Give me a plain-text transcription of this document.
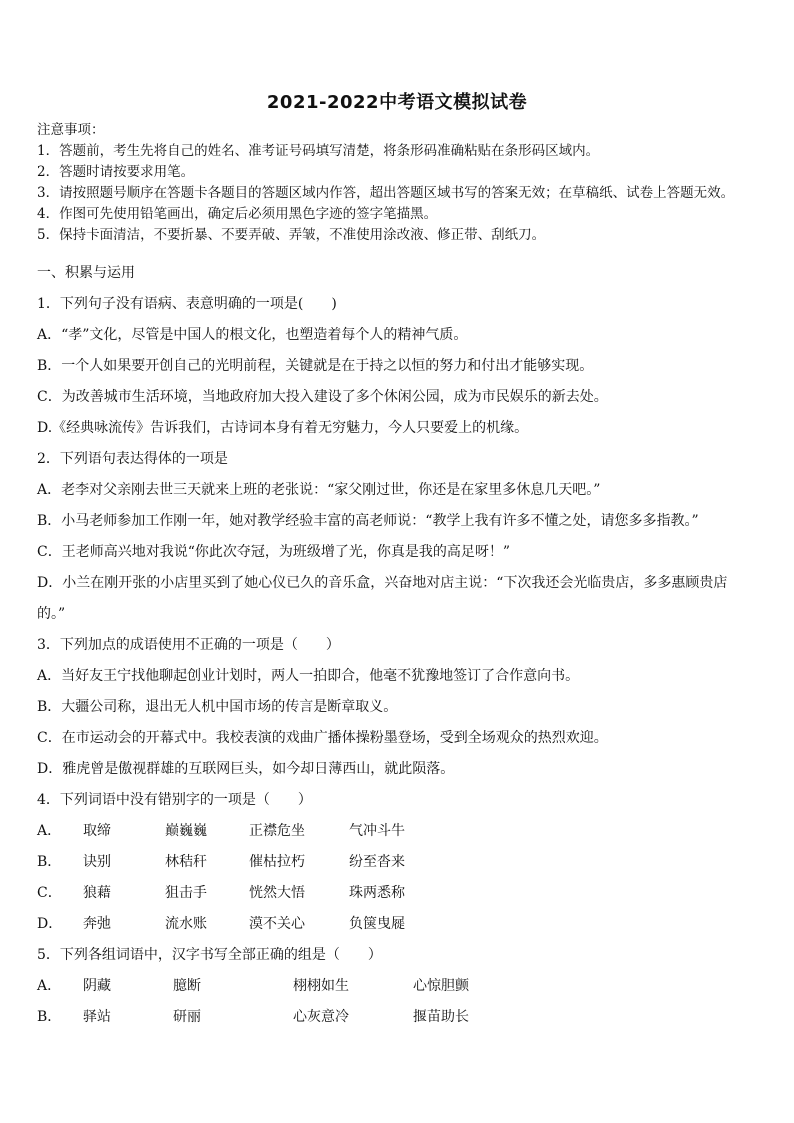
2021-2022中考语文模拟试卷
注意事项：
1．答题前，考生先将自己的姓名、准考证号码填写清楚，将条形码准确粘贴在条形码区域内。
2．答题时请按要求用笔。
3．请按照题号顺序在答题卡各题目的答题区域内作答，超出答题区域书写的答案无效；在草稿纸、试卷上答题无效。
4．作图可先使用铅笔画出，确定后必须用黑色字迹的签字笔描黑。
5．保持卡面清洁，不要折暴、不要弄破、弄皱，不准使用涂改液、修正带、刮纸刀。
一、积累与运用
1．下列句子没有语病、表意明确的一项是(　　)
A．“孝”文化，尽管是中国人的根文化，也塑造着每个人的精神气质。
B．一个人如果要开创自己的光明前程，关键就是在于持之以恒的努力和付出才能够实现。
C．为改善城市生活环境，当地政府加大投入建设了多个休闲公园，成为市民娱乐的新去处。
D.《经典咏流传》告诉我们，古诗词本身有着无穷魅力，今人只要爱上的机缘。
2．下列语句表达得体的一项是
A．老李对父亲刚去世三天就来上班的老张说：“家父刚过世，你还是在家里多休息几天吧。”
B．小马老师参加工作刚一年，她对教学经验丰富的高老师说：“教学上我有许多不懂之处，请您多多指教。”
C．王老师高兴地对我说“你此次夺冠，为班级增了光，你真是我的高足呀！”
D．小兰在刚开张的小店里买到了她心仪已久的音乐盒，兴奋地对店主说：“下次我还会光临贵店，多多惠顾贵店
的。”
3．下列加点的成语使用不正确的一项是（　　）
A．当好友王宁找他聊起创业计划时，两人一拍即合，他毫不犹豫地签订了合作意向书。
B．大疆公司称，退出无人机中国市场的传言是断章取义。
C．在市运动会的开幕式中。我校表演的戏曲广播体操粉墨登场，受到全场观众的热烈欢迎。
D．雅虎曾是傲视群雄的互联网巨头，如今却日薄西山，就此陨落。
4．下列词语中没有错别字的一项是（　　）
A．	取缔	巅巍巍	正襟危坐	气冲斗牛
B．	诀别	林秸秆	催枯拉朽	纷至沓来
C．	狼藉	狙击手	恍然大悟	珠两悉称
D．	奔弛	流水账	漠不关心	负箧曳屣
5．下列各组词语中，汉字书写全部正确的组是（　　）
A．	阴藏	臆断	栩栩如生	心惊胆颤
B．	驿站	研丽	心灰意冷	揠苗助长
